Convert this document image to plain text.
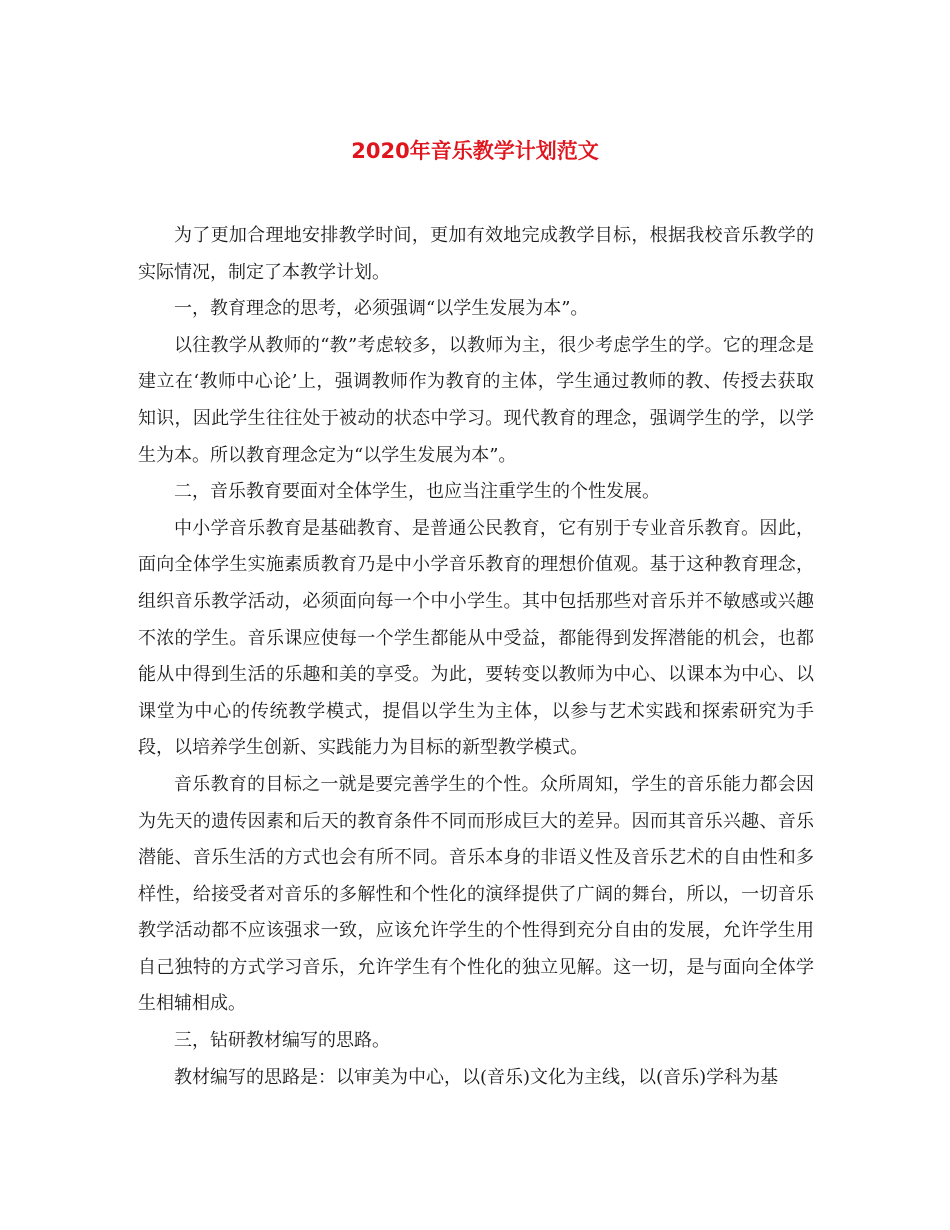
2020年音乐教学计划范文

为了更加合理地安排教学时间，更加有效地完成教学目标，根据我校音乐教学的实际情况，制定了本教学计划。

一，教育理念的思考，必须强调“以学生发展为本”。

以往教学从教师的“教”考虑较多，以教师为主，很少考虑学生的学。它的理念是建立在‘教师中心论’上，强调教师作为教育的主体，学生通过教师的教、传授去获取知识，因此学生往往处于被动的状态中学习。现代教育的理念，强调学生的学，以学生为本。所以教育理念定为“以学生发展为本”。

二，音乐教育要面对全体学生，也应当注重学生的个性发展。

中小学音乐教育是基础教育、是普通公民教育，它有别于专业音乐教育。因此，面向全体学生实施素质教育乃是中小学音乐教育的理想价值观。基于这种教育理念，组织音乐教学活动，必须面向每一个中小学生。其中包括那些对音乐并不敏感或兴趣不浓的学生。音乐课应使每一个学生都能从中受益，都能得到发挥潜能的机会，也都能从中得到生活的乐趣和美的享受。为此，要转变以教师为中心、以课本为中心、以课堂为中心的传统教学模式，提倡以学生为主体，以参与艺术实践和探索研究为手段，以培养学生创新、实践能力为目标的新型教学模式。

音乐教育的目标之一就是要完善学生的个性。众所周知，学生的音乐能力都会因为先天的遗传因素和后天的教育条件不同而形成巨大的差异。因而其音乐兴趣、音乐潜能、音乐生活的方式也会有所不同。音乐本身的非语义性及音乐艺术的自由性和多样性，给接受者对音乐的多解性和个性化的演绎提供了广阔的舞台，所以，一切音乐教学活动都不应该强求一致，应该允许学生的个性得到充分自由的发展，允许学生用自己独特的方式学习音乐，允许学生有个性化的独立见解。这一切，是与面向全体学生相辅相成。

三，钻研教材编写的思路。

教材编写的思路是：以审美为中心，以(音乐)文化为主线，以(音乐)学科为基
